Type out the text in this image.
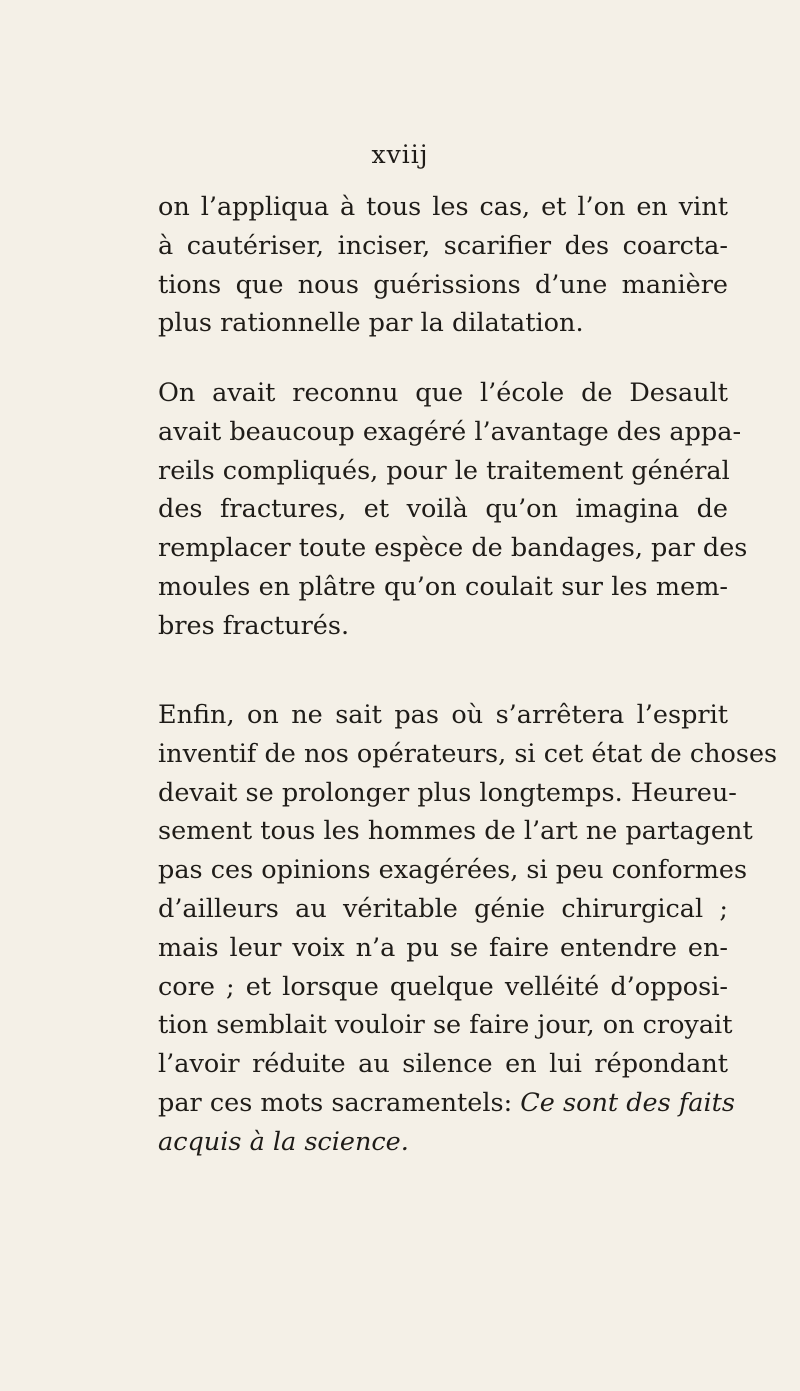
xviij
on l’appliqua à tous les cas, et l’on en vint
à cautériser, inciser, scarifier des coarcta-
tions que nous guérissions d’une manière
plus rationnelle par la dilatation.
On avait reconnu que l’école de Desault
avait beaucoup exagéré l’avantage des appa-
reils compliqués, pour le traitement général
des fractures, et voilà qu’on imagina de
remplacer toute espèce de bandages, par des
moules en plâtre qu’on coulait sur les mem-
bres fracturés.
Enfin, on ne sait pas où s’arrêtera l’esprit
inventif de nos opérateurs, si cet état de choses
devait se prolonger plus longtemps. Heureu-
sement tous les hommes de l’art ne partagent
pas ces opinions exagérées, si peu conformes
d’ailleurs au véritable génie chirurgical ;
mais leur voix n’a pu se faire entendre en-
core ; et lorsque quelque velléité d’opposi-
tion semblait vouloir se faire jour, on croyait
l’avoir réduite au silence en lui répondant
par ces mots sacramentels: Ce sont des faits
acquis à la science.
